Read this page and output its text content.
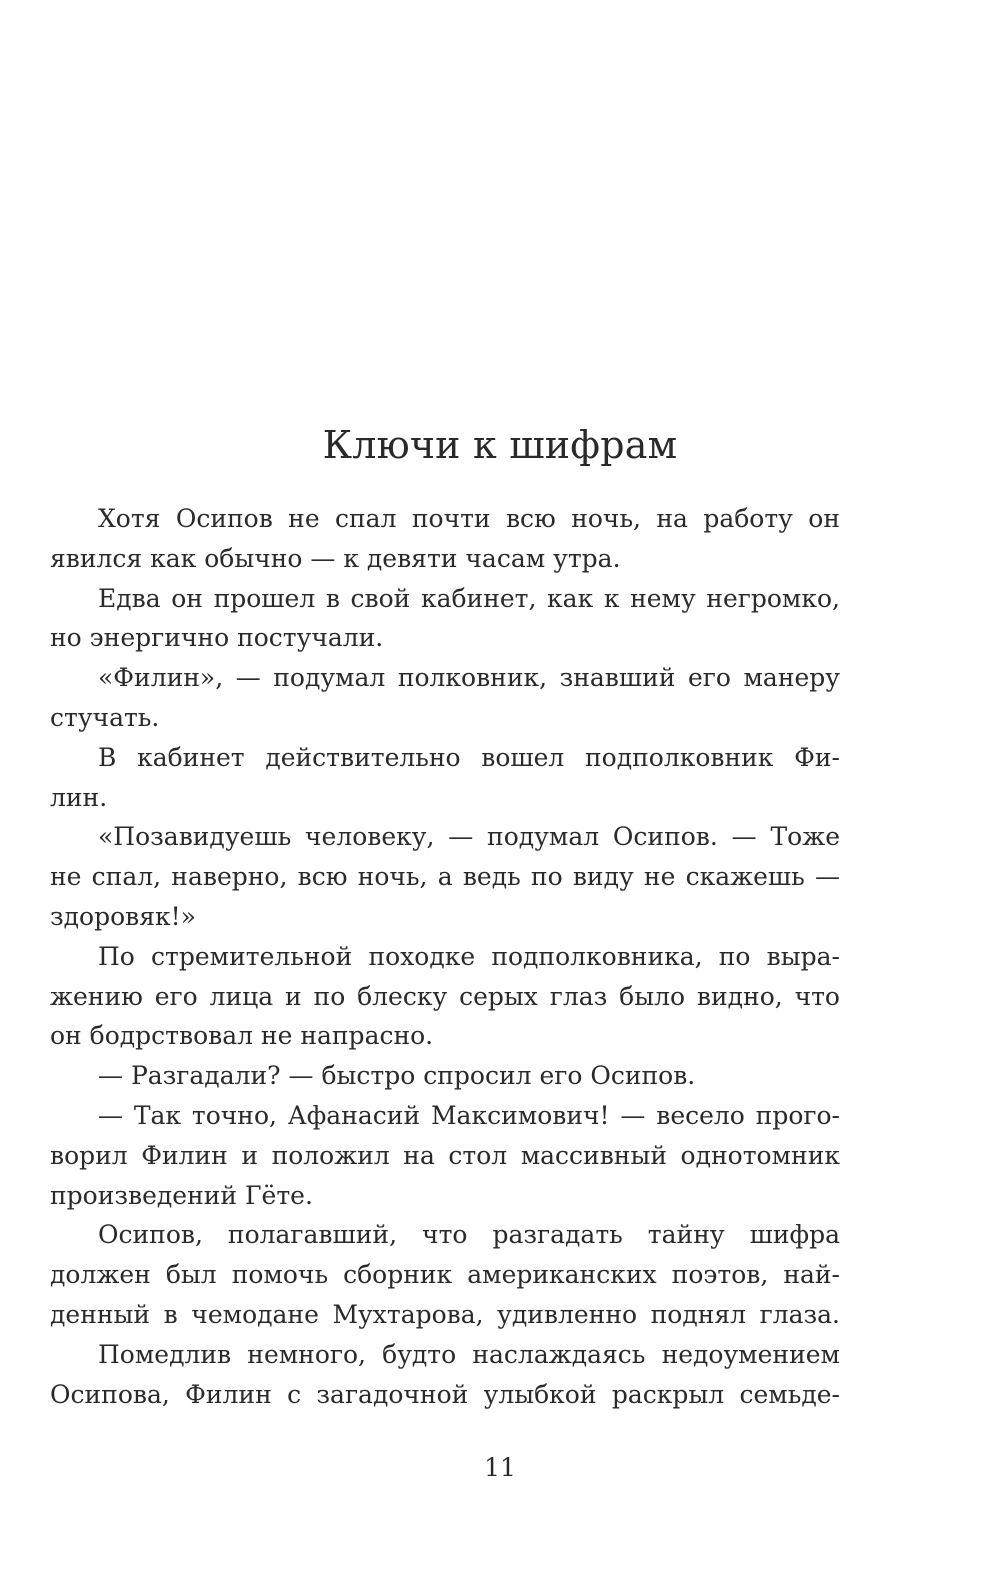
Ключи к шифрам
Хотя Осипов не спал почти всю ночь, на работу он
явился как обычно — к девяти часам утра.
Едва он прошел в свой кабинет, как к нему негромко,
но энергично постучали.
«Филин», — подумал полковник, знавший его манеру
стучать.
В кабинет действительно вошел подполковник Фи-
лин.
«Позавидуешь человеку, — подумал Осипов. — Тоже
не спал, наверно, всю ночь, а ведь по виду не скажешь —
здоровяк!»
По стремительной походке подполковника, по выра-
жению его лица и по блеску серых глаз было видно, что
он бодрствовал не напрасно.
— Разгадали? — быстро спросил его Осипов.
— Так точно, Афанасий Максимович! — весело прого-
ворил Филин и положил на стол массивный однотомник
произведений Гёте.
Осипов, полагавший, что разгадать тайну шифра
должен был помочь сборник американских поэтов, най-
денный в чемодане Мухтарова, удивленно поднял глаза.
Помедлив немного, будто наслаждаясь недоумением
Осипова, Филин с загадочной улыбкой раскрыл семьде-
11
